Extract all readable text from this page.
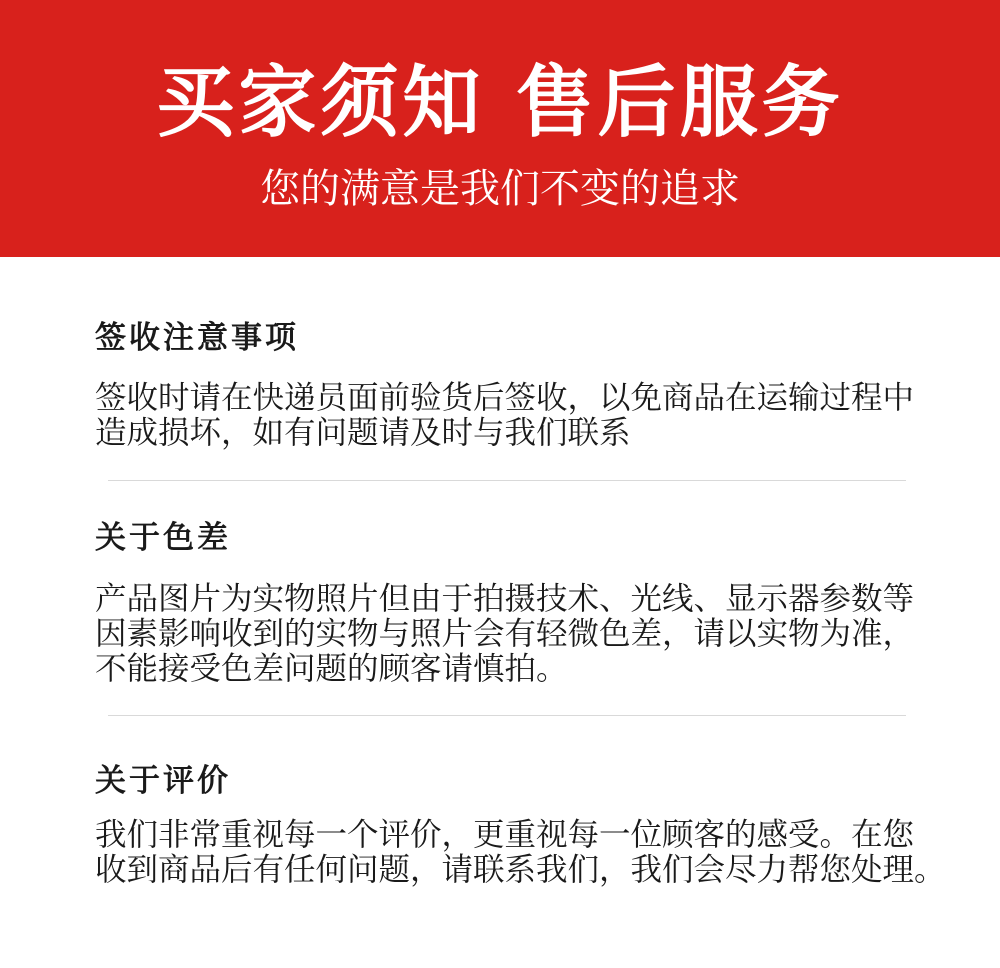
买家须知 售后服务
您的满意是我们不变的追求
签收注意事项

签收时请在快递员面前验货后签收，以免商品在运输过程中
造成损坏，如有问题请及时与我们联系

关于色差

产品图片为实物照片但由于拍摄技术、光线、显示器参数等
因素影响收到的实物与照片会有轻微色差，请以实物为准，
不能接受色差问题的顾客请慎拍。

关于评价

我们非常重视每一个评价，更重视每一位顾客的感受。在您
收到商品后有任何问题，请联系我们，我们会尽力帮您处理。
